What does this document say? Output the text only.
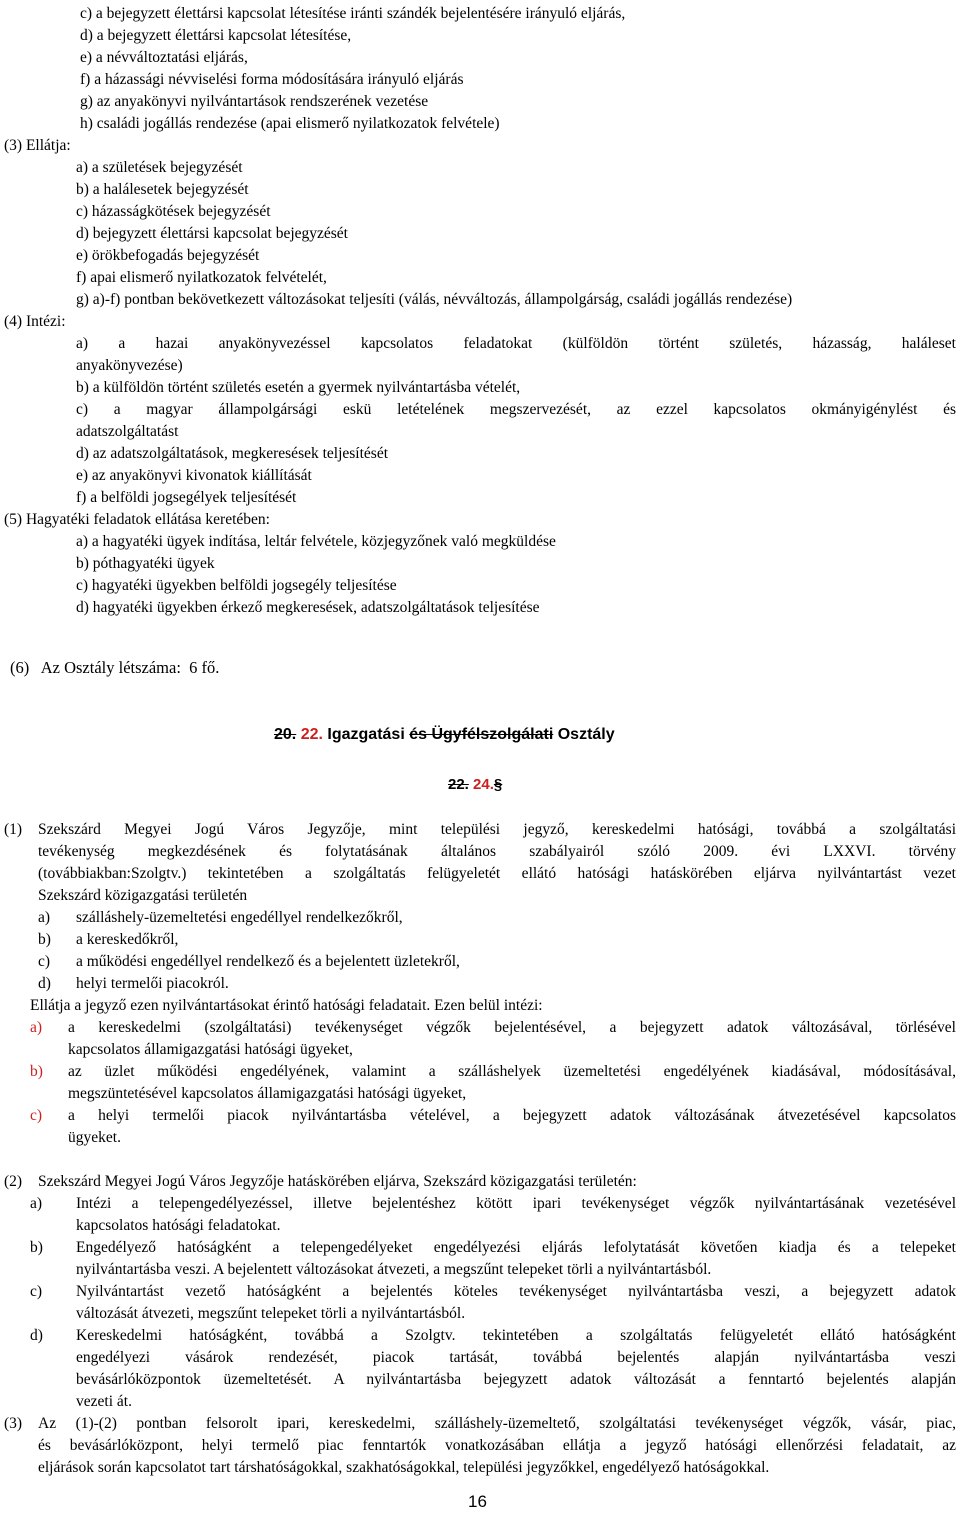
c) a bejegyzett élettársi kapcsolat létesítése iránti szándék bejelentésére irányuló eljárás,
d) a bejegyzett élettársi kapcsolat létesítése,
e) a névváltoztatási eljárás,
f) a házassági névviselési forma módosítására irányuló eljárás
g) az anyakönyvi nyilvántartások rendszerének vezetése
h) családi jogállás rendezése (apai elismerő nyilatkozatok felvétele)
(3) Ellátja:
a) a születések bejegyzését
b) a halálesetek bejegyzését
c) házasságkötések bejegyzését
d) bejegyzett élettársi kapcsolat bejegyzését
e) örökbefogadás bejegyzését
f) apai elismerő nyilatkozatok felvételét,
g) a)-f) pontban bekövetkezett változásokat teljesíti (válás, névváltozás, állampolgárság, családi jogállás rendezése)
(4) Intézi:
a) a hazai anyakönyvezéssel kapcsolatos feladatokat (külföldön történt születés, házasság, haláleset
anyakönyvezése)
b) a külföldön történt születés esetén a gyermek nyilvántartásba vételét,
c) a magyar állampolgársági eskü letételének megszervezését, az ezzel kapcsolatos okmányigénylést és
adatszolgáltatást
d) az adatszolgáltatások, megkeresések teljesítését
e) az anyakönyvi kivonatok kiállítását
f) a belföldi jogsegélyek teljesítését
(5) Hagyatéki feladatok ellátása keretében:
a) a hagyatéki ügyek indítása, leltár felvétele, közjegyzőnek való megküldése
b) póthagyatéki ügyek
c) hagyatéki ügyekben belföldi jogsegély teljesítése
d) hagyatéki ügyekben érkező megkeresések, adatszolgáltatások teljesítése
(6) Az Osztály létszáma: 6 fő.
20. 22. Igazgatási és Ügyfélszolgálati Osztály
22. 24.§
(1) Szekszárd Megyei Jogú Város Jegyzője, mint települési jegyző, kereskedelmi hatósági, továbbá a szolgáltatási
tevékenység megkezdésének és folytatásának általános szabályairól szóló 2009. évi LXXVI. törvény
(továbbiakban:Szolgtv.) tekintetében a szolgáltatás felügyeletét ellátó hatósági hatáskörében eljárva nyilvántartást vezet
Szekszárd közigazgatási területén
a) szálláshely-üzemeltetési engedéllyel rendelkezőkről,
b) a kereskedőkről,
c) a működési engedéllyel rendelkező és a bejelentett üzletekről,
d) helyi termelői piacokról.
Ellátja a jegyző ezen nyilvántartásokat érintő hatósági feladatait. Ezen belül intézi:
a) a kereskedelmi (szolgáltatási) tevékenységet végzők bejelentésével, a bejegyzett adatok változásával, törlésével
kapcsolatos államigazgatási hatósági ügyeket,
b) az üzlet működési engedélyének, valamint a szálláshelyek üzemeltetési engedélyének kiadásával, módosításával,
megszüntetésével kapcsolatos államigazgatási hatósági ügyeket,
c) a helyi termelői piacok nyilvántartásba vételével, a bejegyzett adatok változásának átvezetésével kapcsolatos
ügyeket.
(2) Szekszárd Megyei Jogú Város Jegyzője hatáskörében eljárva, Szekszárd közigazgatási területén:
a) Intézi a telepengedélyezéssel, illetve bejelentéshez kötött ipari tevékenységet végzők nyilvántartásának vezetésével
kapcsolatos hatósági feladatokat.
b) Engedélyező hatóságként a telepengedélyeket engedélyezési eljárás lefolytatását követően kiadja és a telepeket
nyilvántartásba veszi. A bejelentett változásokat átvezeti, a megszűnt telepeket törli a nyilvántartásból.
c) Nyilvántartást vezető hatóságként a bejelentés köteles tevékenységet nyilvántartásba veszi, a bejegyzett adatok
változását átvezeti, megszűnt telepeket törli a nyilvántartásból.
d) Kereskedelmi hatóságként, továbbá a Szolgtv. tekintetében a szolgáltatás felügyeletét ellátó hatóságként
engedélyezi vásárok rendezését, piacok tartását, továbbá bejelentés alapján nyilvántartásba veszi
bevásárlóközpontok üzemeltetését. A nyilvántartásba bejegyzett adatok változását a fenntartó bejelentés alapján
vezeti át.
(3) Az (1)-(2) pontban felsorolt ipari, kereskedelmi, szálláshely-üzemeltető, szolgáltatási tevékenységet végzők, vásár, piac,
és bevásárlóközpont, helyi termelő piac fenntartók vonatkozásában ellátja a jegyző hatósági ellenőrzési feladatait, az
eljárások során kapcsolatot tart társhatóságokkal, szakhatóságokkal, települési jegyzőkkel, engedélyező hatóságokkal.
16
